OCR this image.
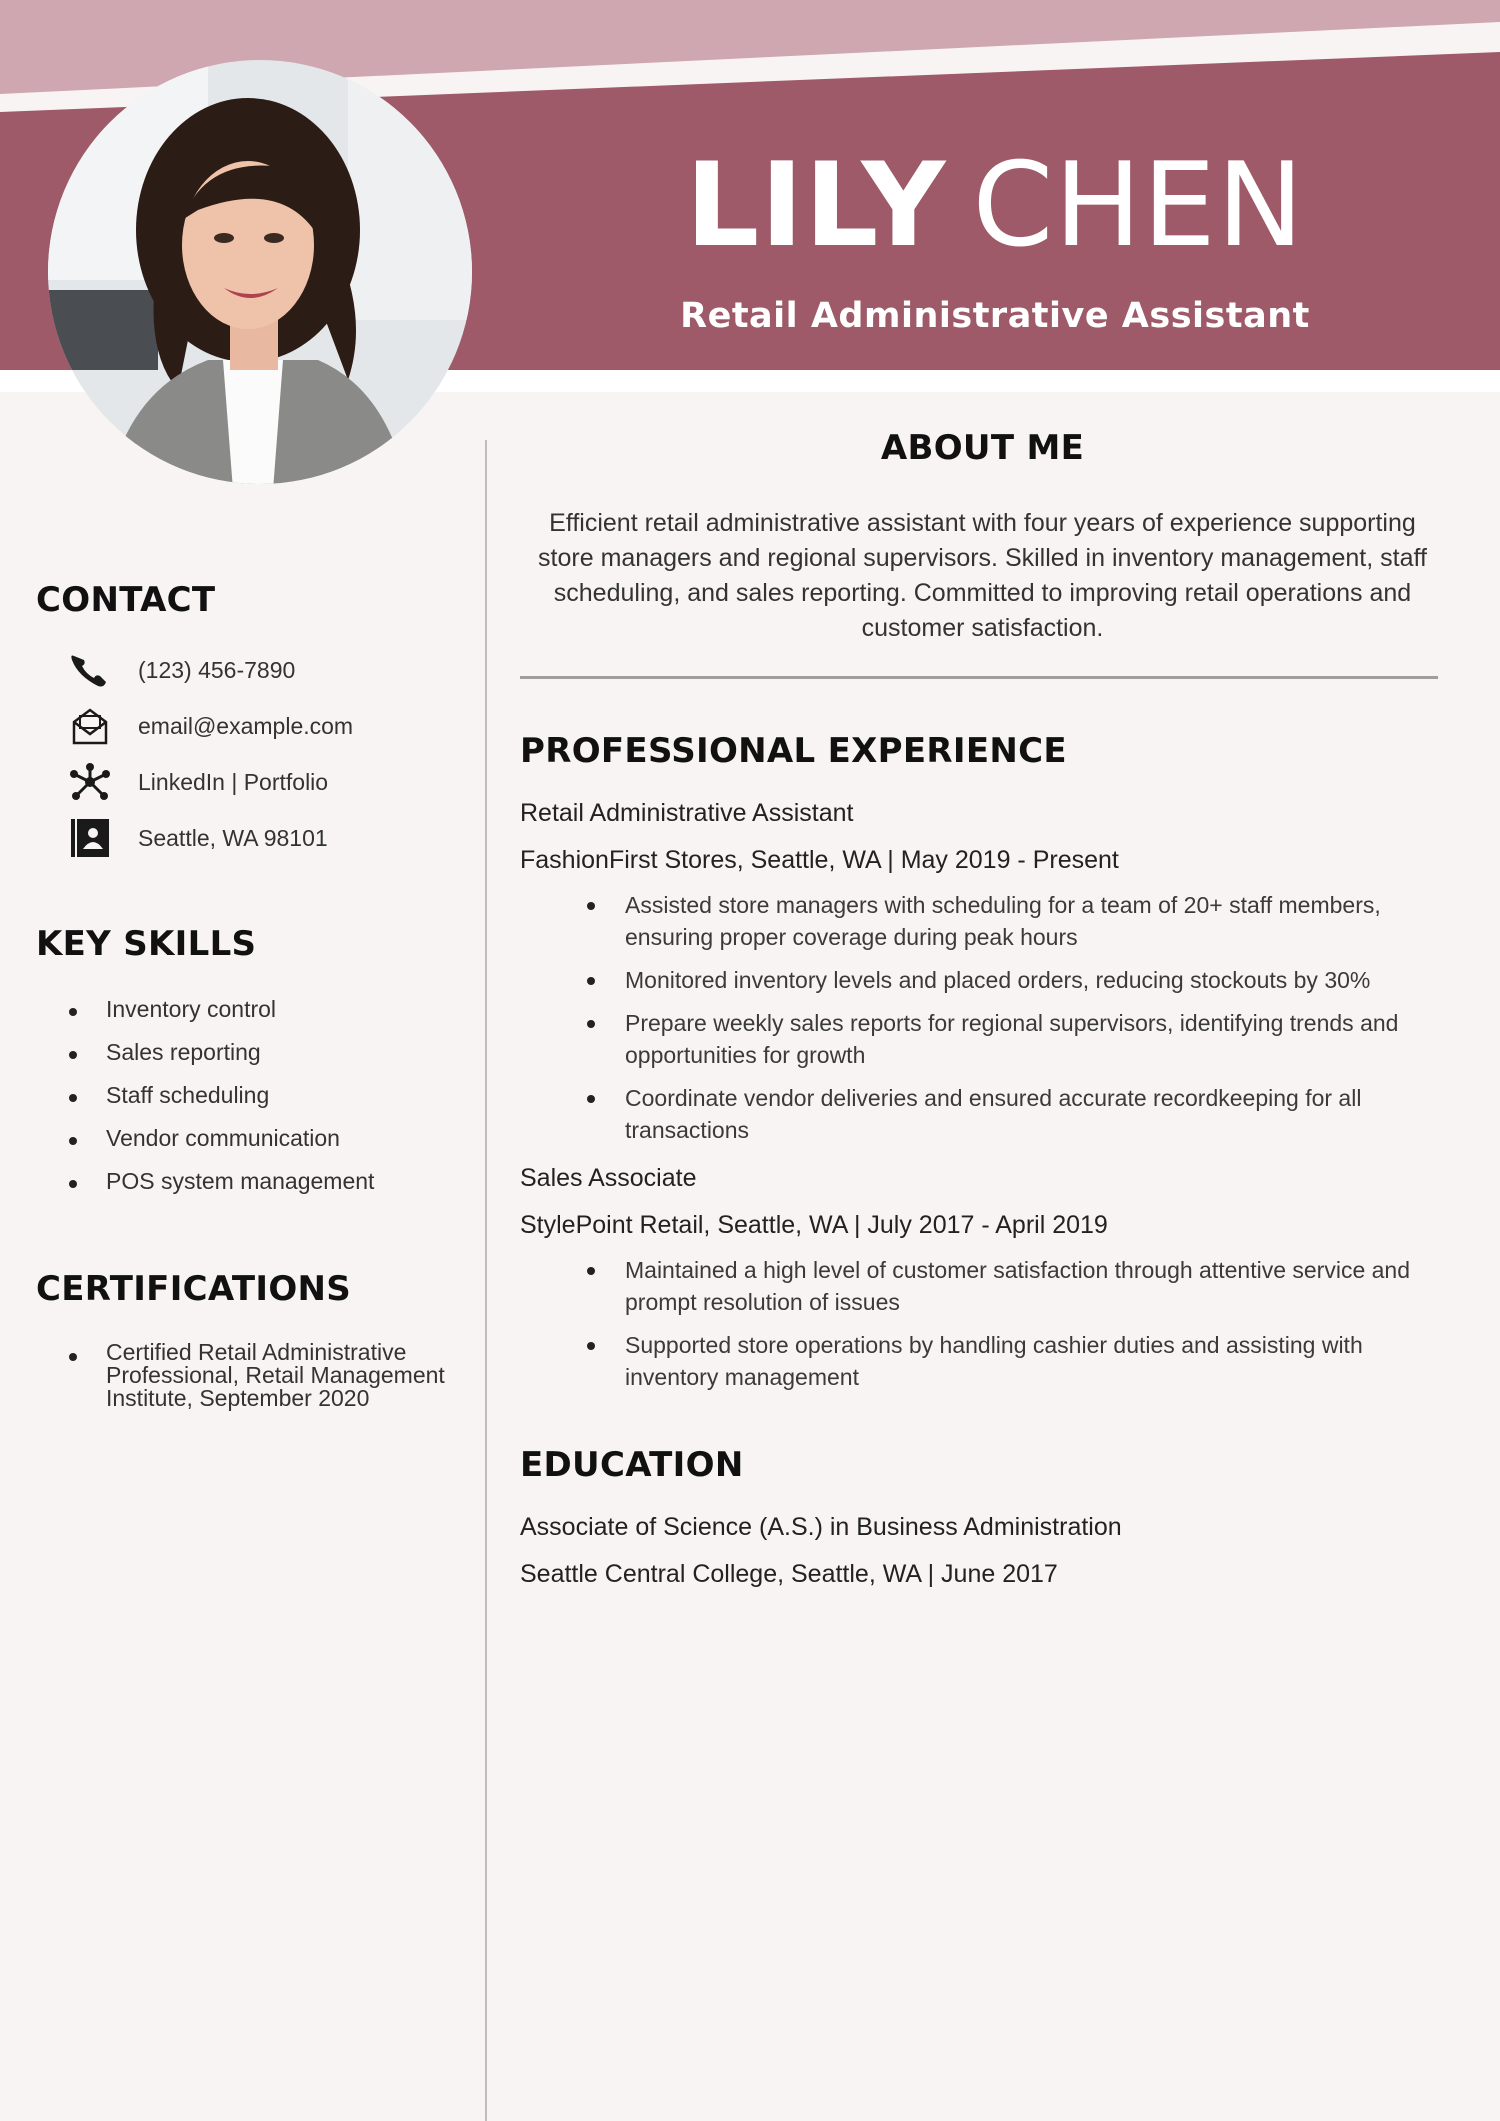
LILY CHEN
Retail Administrative Assistant
CONTACT
(123) 456-7890
email@example.com
LinkedIn | Portfolio
Seattle, WA 98101
KEY SKILLS
Inventory control
Sales reporting
Staff scheduling
Vendor communication
POS system management
CERTIFICATIONS
Certified Retail Administrative Professional, Retail Management Institute, September 2020
ABOUT ME

Efficient retail administrative assistant with four years of experience supporting store managers and regional supervisors. Skilled in inventory management, staff scheduling, and sales reporting. Committed to improving retail operations and customer satisfaction.

PROFESSIONAL EXPERIENCE
Retail Administrative Assistant
FashionFirst Stores, Seattle, WA | May 2019 - Present
Assisted store managers with scheduling for a team of 20+ staff members, ensuring proper coverage during peak hours
Monitored inventory levels and placed orders, reducing stockouts by 30%
Prepare weekly sales reports for regional supervisors, identifying trends and opportunities for growth
Coordinate vendor deliveries and ensured accurate recordkeeping for all transactions
Sales Associate
StylePoint Retail, Seattle, WA | July 2017 - April 2019
Maintained a high level of customer satisfaction through attentive service and prompt resolution of issues
Supported store operations by handling cashier duties and assisting with inventory management
EDUCATION
Associate of Science (A.S.) in Business Administration
Seattle Central College, Seattle, WA | June 2017
